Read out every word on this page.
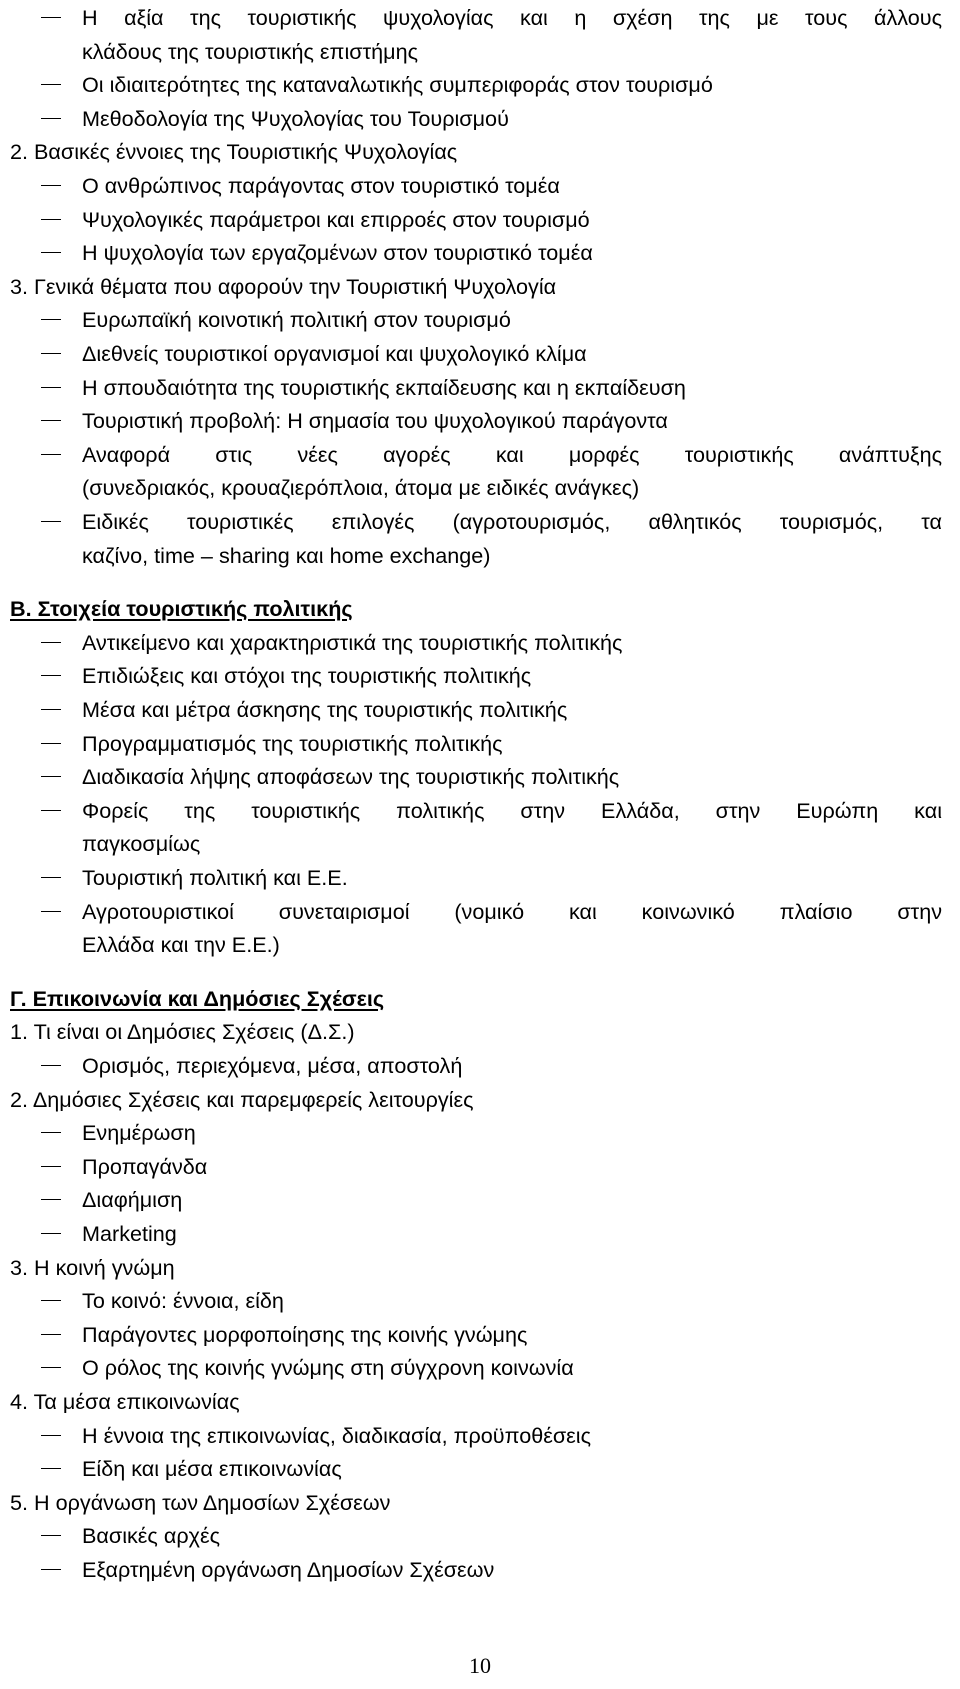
Η αξία της τουριστικής ψυχολογίας και η σχέση της με τους άλλους
κλάδους της τουριστικής επιστήμης
Οι ιδιαιτερότητες της καταναλωτικής συμπεριφοράς στον τουρισμό
Μεθοδολογία της Ψυχολογίας του Τουρισμού
2. Βασικές έννοιες της Τουριστικής Ψυχολογίας
Ο ανθρώπινος παράγοντας στον τουριστικό τομέα
Ψυχολογικές παράμετροι και επιρροές στον τουρισμό
Η ψυχολογία των εργαζομένων στον τουριστικό τομέα
3. Γενικά θέματα που αφορούν την Τουριστική Ψυχολογία
Ευρωπαϊκή κοινοτική πολιτική στον τουρισμό
Διεθνείς τουριστικοί οργανισμοί και ψυχολογικό κλίμα
Η σπουδαιότητα της τουριστικής εκπαίδευσης και η εκπαίδευση
Τουριστική προβολή: Η σημασία του ψυχολογικού παράγοντα
Αναφορά στις νέες αγορές και μορφές τουριστικής ανάπτυξης
(συνεδριακός, κρουαζιερόπλοια, άτομα με ειδικές ανάγκες)
Ειδικές τουριστικές επιλογές (αγροτουρισμός, αθλητικός τουρισμός, τα
καζίνο, time – sharing και home exchange)
Β. Στοιχεία τουριστικής πολιτικής
Αντικείμενο και χαρακτηριστικά της τουριστικής πολιτικής
Επιδιώξεις και στόχοι της τουριστικής πολιτικής
Μέσα και μέτρα άσκησης της τουριστικής πολιτικής
Προγραμματισμός της τουριστικής πολιτικής
Διαδικασία λήψης αποφάσεων της τουριστικής πολιτικής
Φορείς της τουριστικής πολιτικής στην Ελλάδα, στην Ευρώπη και
παγκοσμίως
Τουριστική πολιτική και Ε.Ε.
Αγροτουριστικοί συνεταιρισμοί (νομικό και κοινωνικό πλαίσιο στην
Ελλάδα και την Ε.Ε.)
Γ. Επικοινωνία και Δημόσιες Σχέσεις
1. Τι είναι οι Δημόσιες Σχέσεις (Δ.Σ.)
Ορισμός, περιεχόμενα, μέσα, αποστολή
2. Δημόσιες Σχέσεις και παρεμφερείς λειτουργίες
Ενημέρωση
Προπαγάνδα
Διαφήμιση
Marketing
3. Η κοινή γνώμη
Το κοινό: έννοια, είδη
Παράγοντες μορφοποίησης της κοινής γνώμης
Ο ρόλος της κοινής γνώμης στη σύγχρονη κοινωνία
4. Τα μέσα επικοινωνίας
Η έννοια της επικοινωνίας, διαδικασία, προϋποθέσεις
Είδη και μέσα επικοινωνίας
5. Η οργάνωση των Δημοσίων Σχέσεων
Βασικές αρχές
Εξαρτημένη οργάνωση Δημοσίων Σχέσεων
10
